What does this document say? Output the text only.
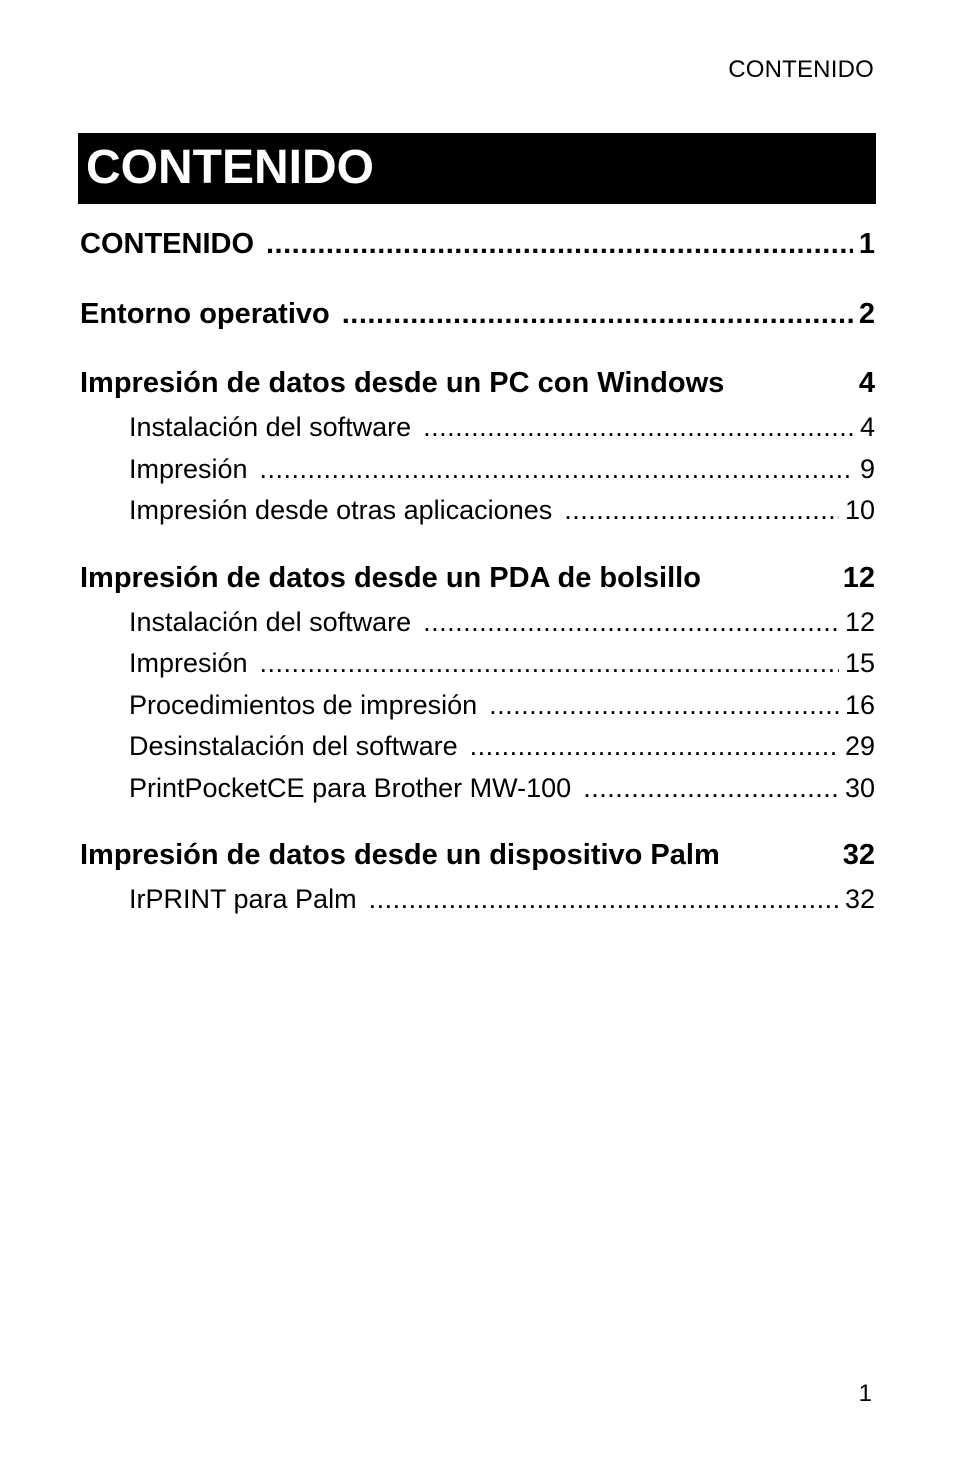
CONTENIDO
CONTENIDO
CONTENIDO .....	1
Entorno operativo .....	2
Impresión de datos desde un PC con Windows	4
Instalación del software .....	4
Impresión .....	9
Impresión desde otras aplicaciones .....	10
Impresión de datos desde un PDA de bolsillo	12
Instalación del software .....	12
Impresión .....	15
Procedimientos de impresión .....	16
Desinstalación del software .....	29
PrintPocketCE para Brother MW-100 .....	30
Impresión de datos desde un dispositivo Palm	32
IrPRINT para Palm .....	32
1
